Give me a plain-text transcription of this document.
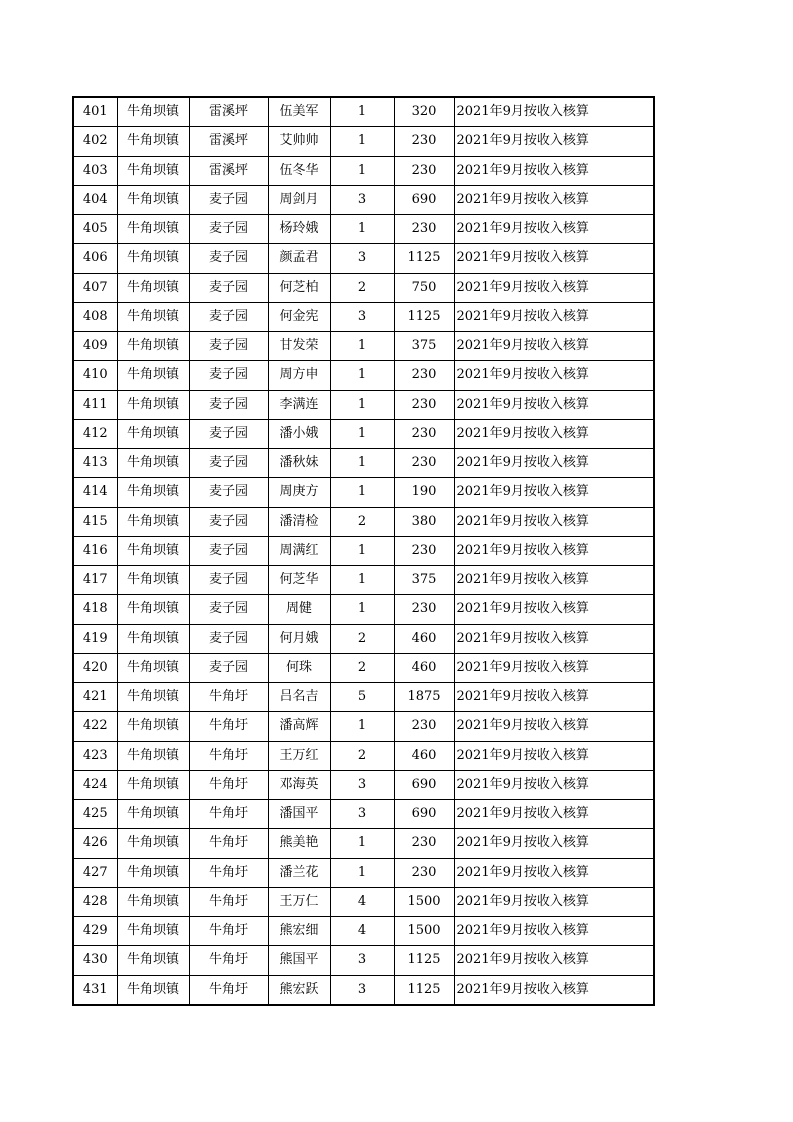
401	牛角坝镇	雷溪坪	伍美军	1	320	2021年9月按收入核算
402	牛角坝镇	雷溪坪	艾帅帅	1	230	2021年9月按收入核算
403	牛角坝镇	雷溪坪	伍冬华	1	230	2021年9月按收入核算
404	牛角坝镇	麦子园	周剑月	3	690	2021年9月按收入核算
405	牛角坝镇	麦子园	杨玲娥	1	230	2021年9月按收入核算
406	牛角坝镇	麦子园	颜孟君	3	1125	2021年9月按收入核算
407	牛角坝镇	麦子园	何芝柏	2	750	2021年9月按收入核算
408	牛角坝镇	麦子园	何金宪	3	1125	2021年9月按收入核算
409	牛角坝镇	麦子园	甘发荣	1	375	2021年9月按收入核算
410	牛角坝镇	麦子园	周方申	1	230	2021年9月按收入核算
411	牛角坝镇	麦子园	李满连	1	230	2021年9月按收入核算
412	牛角坝镇	麦子园	潘小娥	1	230	2021年9月按收入核算
413	牛角坝镇	麦子园	潘秋妹	1	230	2021年9月按收入核算
414	牛角坝镇	麦子园	周庚方	1	190	2021年9月按收入核算
415	牛角坝镇	麦子园	潘清检	2	380	2021年9月按收入核算
416	牛角坝镇	麦子园	周满红	1	230	2021年9月按收入核算
417	牛角坝镇	麦子园	何芝华	1	375	2021年9月按收入核算
418	牛角坝镇	麦子园	周健	1	230	2021年9月按收入核算
419	牛角坝镇	麦子园	何月娥	2	460	2021年9月按收入核算
420	牛角坝镇	麦子园	何珠	2	460	2021年9月按收入核算
421	牛角坝镇	牛角圩	吕名吉	5	1875	2021年9月按收入核算
422	牛角坝镇	牛角圩	潘高辉	1	230	2021年9月按收入核算
423	牛角坝镇	牛角圩	王万红	2	460	2021年9月按收入核算
424	牛角坝镇	牛角圩	邓海英	3	690	2021年9月按收入核算
425	牛角坝镇	牛角圩	潘国平	3	690	2021年9月按收入核算
426	牛角坝镇	牛角圩	熊美艳	1	230	2021年9月按收入核算
427	牛角坝镇	牛角圩	潘兰花	1	230	2021年9月按收入核算
428	牛角坝镇	牛角圩	王万仁	4	1500	2021年9月按收入核算
429	牛角坝镇	牛角圩	熊宏细	4	1500	2021年9月按收入核算
430	牛角坝镇	牛角圩	熊国平	3	1125	2021年9月按收入核算
431	牛角坝镇	牛角圩	熊宏跃	3	1125	2021年9月按收入核算
